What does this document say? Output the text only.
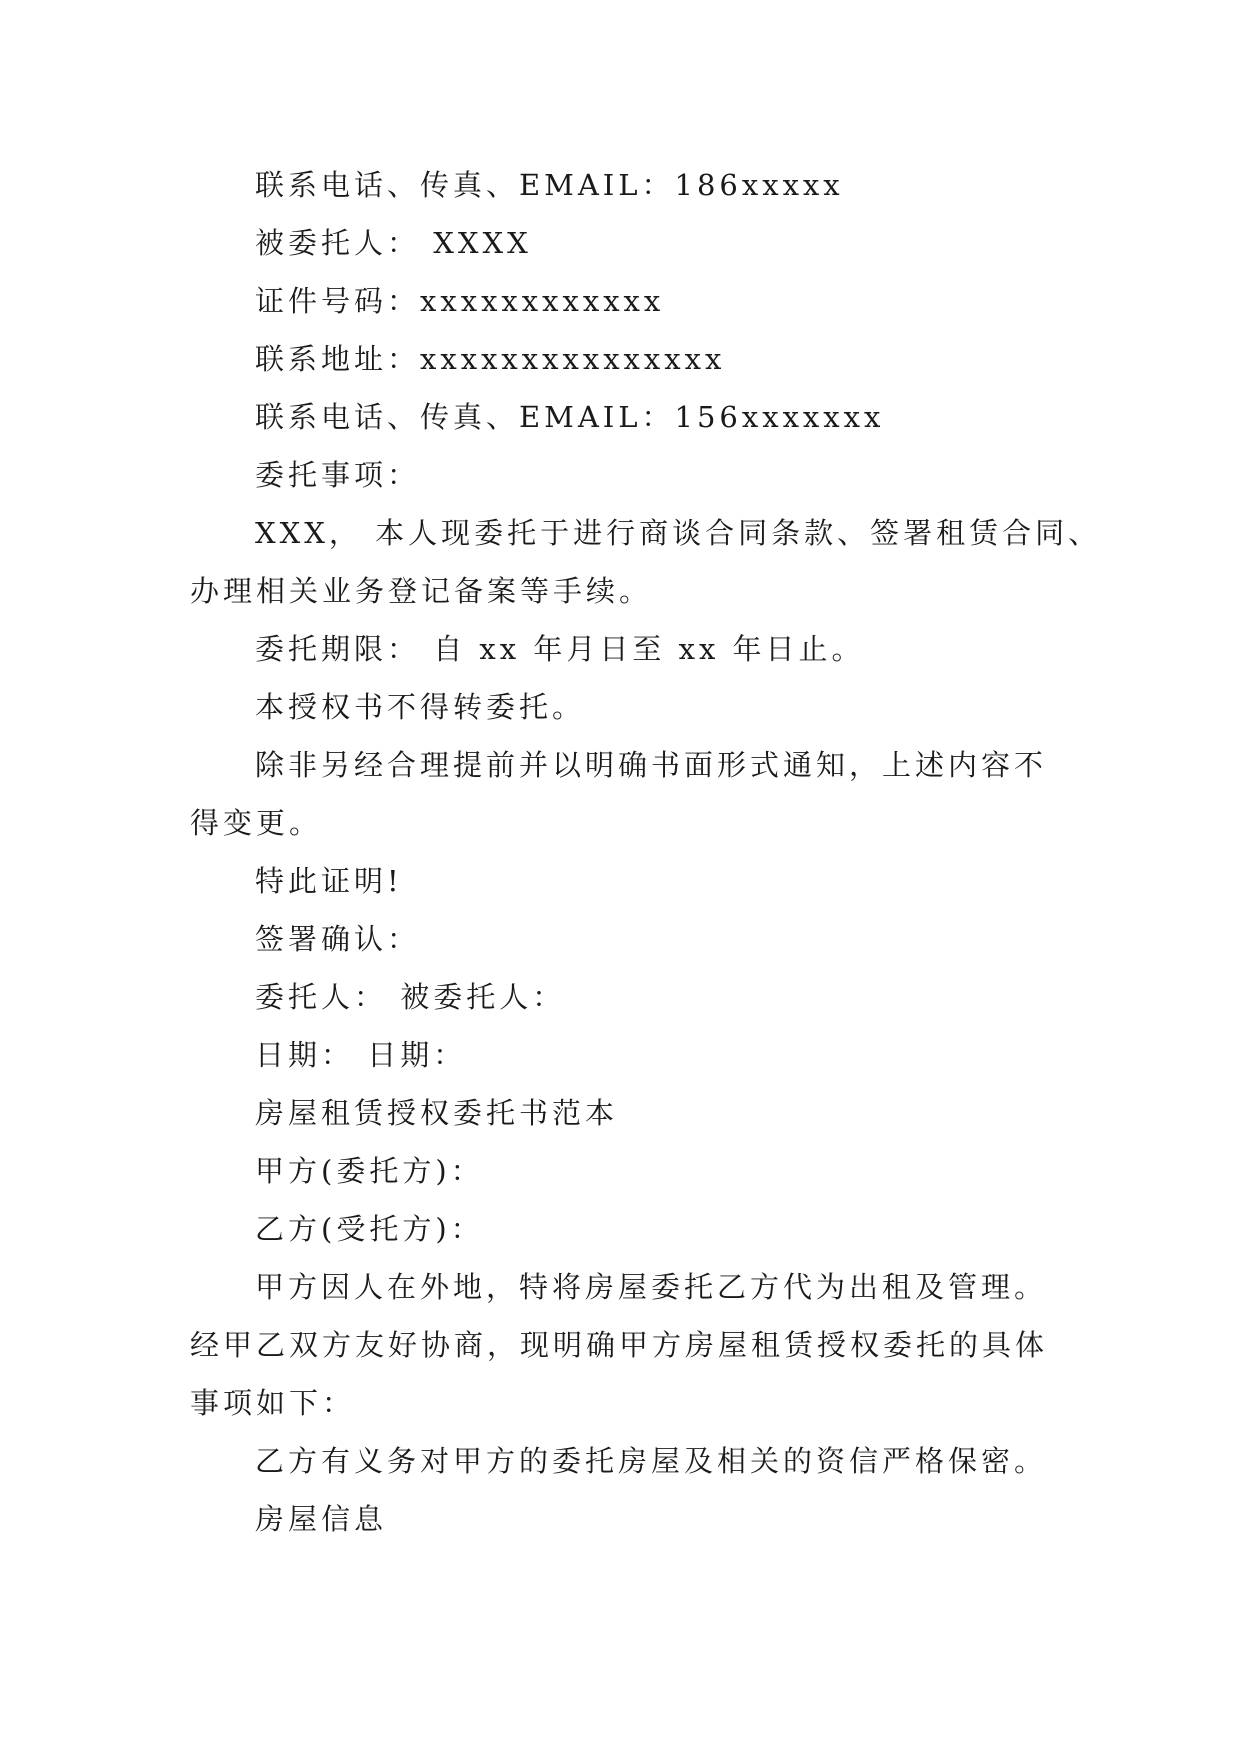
联系电话、传真、EMAIL：186xxxxx
被委托人： XXXX
证件号码：xxxxxxxxxxxx
联系地址：xxxxxxxxxxxxxxx
联系电话、传真、EMAIL：156xxxxxxx
委托事项：
XXX， 本人现委托于进行商谈合同条款、签署租赁合同、
办理相关业务登记备案等手续。
委托期限： 自 xx 年月日至 xx 年日止。
本授权书不得转委托。
除非另经合理提前并以明确书面形式通知，上述内容不
得变更。
特此证明!
签署确认：
委托人： 被委托人：
日期： 日期：
房屋租赁授权委托书范本
甲方(委托方)：
乙方(受托方)：
甲方因人在外地，特将房屋委托乙方代为出租及管理。
经甲乙双方友好协商，现明确甲方房屋租赁授权委托的具体
事项如下：
乙方有义务对甲方的委托房屋及相关的资信严格保密。
房屋信息
